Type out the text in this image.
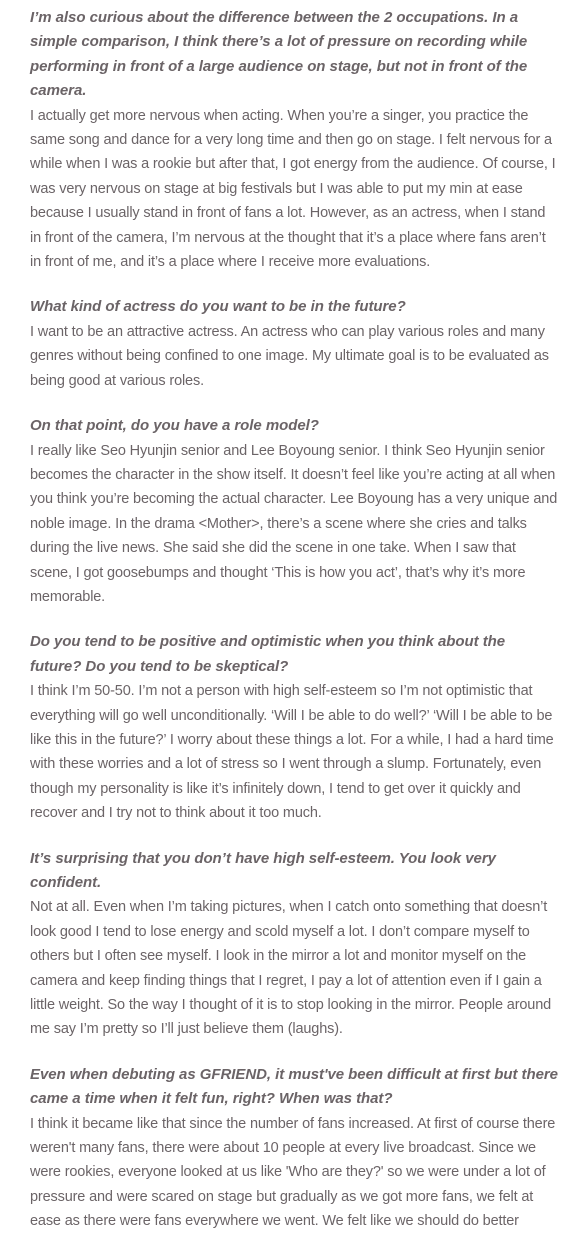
I’m also curious about the difference between the 2 occupations. In a simple comparison, I think there’s a lot of pressure on recording while performing in front of a large audience on stage, but not in front of the camera.

I actually get more nervous when acting. When you’re a singer, you practice the same song and dance for a very long time and then go on stage. I felt nervous for a while when I was a rookie but after that, I got energy from the audience. Of course, I was very nervous on stage at big festivals but I was able to put my min at ease because I usually stand in front of fans a lot. However, as an actress, when I stand in front of the camera, I’m nervous at the thought that it’s a place where fans aren’t in front of me, and it’s a place where I receive more evaluations.

What kind of actress do you want to be in the future?

I want to be an attractive actress. An actress who can play various roles and many genres without being confined to one image. My ultimate goal is to be evaluated as being good at various roles.

On that point, do you have a role model?

I really like Seo Hyunjin senior and Lee Boyoung senior. I think Seo Hyunjin senior becomes the character in the show itself. It doesn’t feel like you’re acting at all when you think you’re becoming the actual character. Lee Boyoung has a very unique and noble image. In the drama <Mother>, there’s a scene where she cries and talks during the live news. She said she did the scene in one take. When I saw that scene, I got goosebumps and thought ‘This is how you act’, that’s why it’s more memorable.

Do you tend to be positive and optimistic when you think about the future? Do you tend to be skeptical?

I think I’m 50-50. I’m not a person with high self-esteem so I’m not optimistic that everything will go well unconditionally. ‘Will I be able to do well?’ ‘Will I be able to be like this in the future?’ I worry about these things a lot. For a while, I had a hard time with these worries and a lot of stress so I went through a slump. Fortunately, even though my personality is like it’s infinitely down, I tend to get over it quickly and recover and I try not to think about it too much.

It’s surprising that you don’t have high self-esteem. You look very confident.

Not at all. Even when I’m taking pictures, when I catch onto something that doesn’t look good I tend to lose energy and scold myself a lot. I don’t compare myself to others but I often see myself. I look in the mirror a lot and monitor myself on the camera and keep finding things that I regret, I pay a lot of attention even if I gain a little weight. So the way I thought of it is to stop looking in the mirror. People around me say I’m pretty so I’ll just believe them (laughs).

Even when debuting as GFRIEND, it must've been difficult at first but there came a time when it felt fun, right? When was that?

I think it became like that since the number of fans increased. At first of course there weren't many fans, there were about 10 people at every live broadcast. Since we were rookies, everyone looked at us like 'Who are they?' so we were under a lot of pressure and were scared on stage but gradually as we got more fans, we felt at ease as there were fans everywhere we went. We felt like we should do better
